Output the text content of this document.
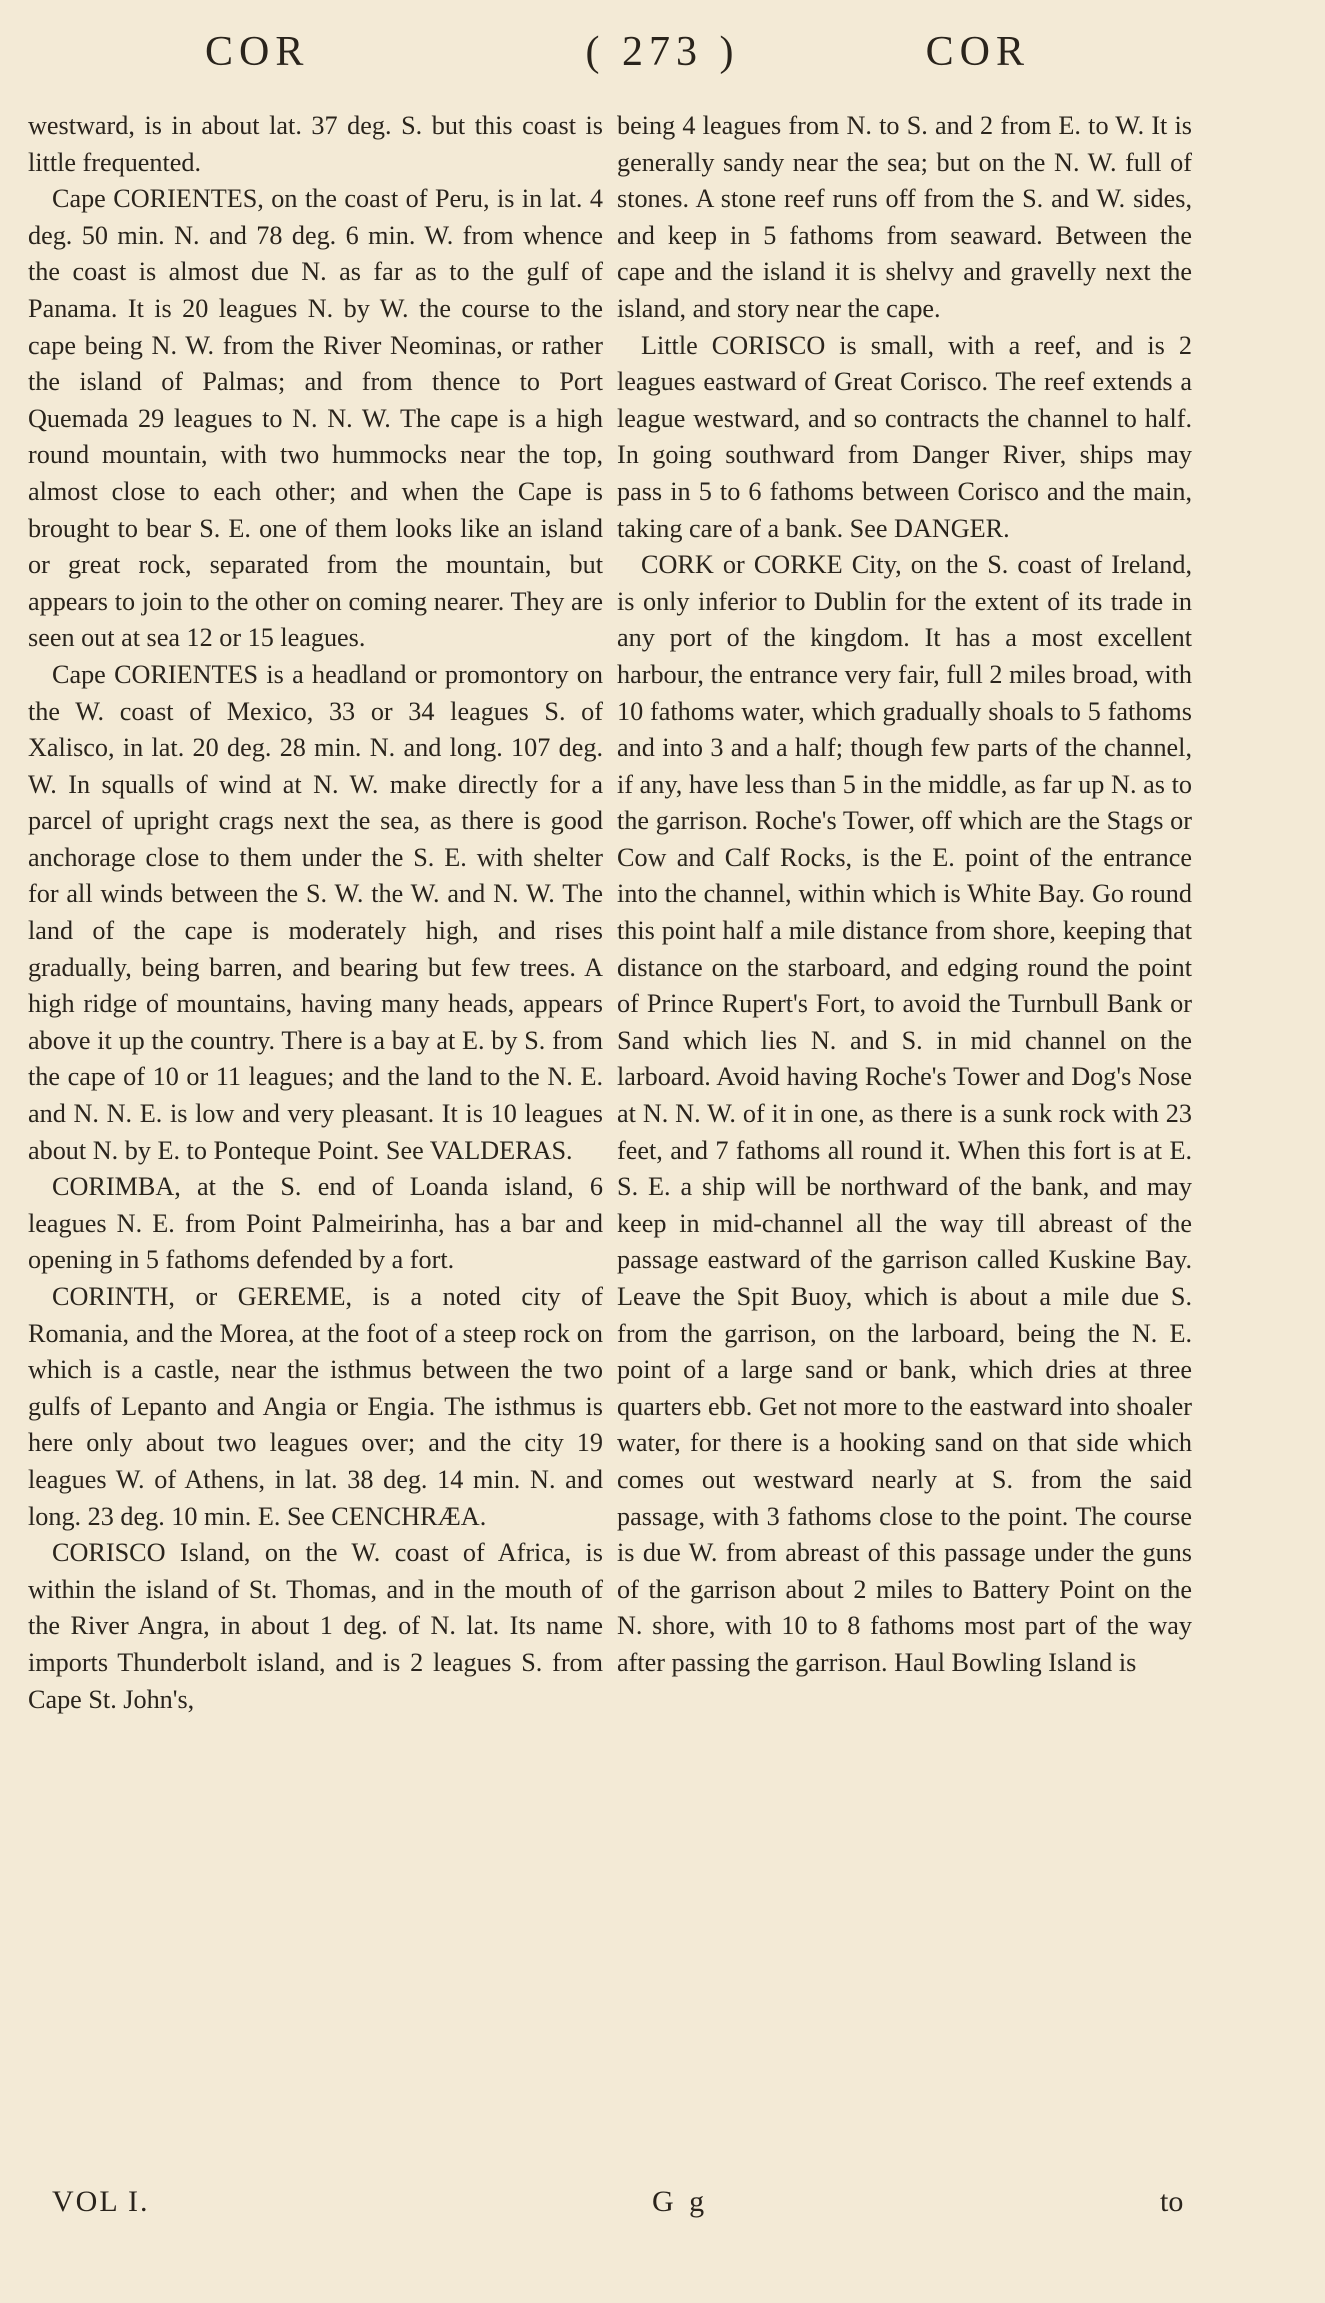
COR	( 273 )	COR

westward, is in about lat. 37 deg. S. but this coast is little frequented.

Cape CORIENTES, on the coast of Peru, is in lat. 4 deg. 50 min. N. and 78 deg. 6 min. W. from whence the coast is almost due N. as far as to the gulf of Panama. It is 20 leagues N. by W. the course to the cape being N. W. from the River Neominas, or rather the island of Palmas; and from thence to Port Quemada 29 leagues to N. N. W. The cape is a high round mountain, with two hummocks near the top, almost close to each other; and when the Cape is brought to bear S. E. one of them looks like an island or great rock, separated from the mountain, but appears to join to the other on coming nearer. They are seen out at sea 12 or 15 leagues.

Cape CORIENTES is a headland or promontory on the W. coast of Mexico, 33 or 34 leagues S. of Xalisco, in lat. 20 deg. 28 min. N. and long. 107 deg. W. In squalls of wind at N. W. make directly for a parcel of upright crags next the sea, as there is good anchorage close to them under the S. E. with shelter for all winds between the S. W. the W. and N. W. The land of the cape is moderately high, and rises gradually, being barren, and bearing but few trees. A high ridge of mountains, having many heads, appears above it up the country. There is a bay at E. by S. from the cape of 10 or 11 leagues; and the land to the N. E. and N. N. E. is low and very pleasant. It is 10 leagues about N. by E. to Ponteque Point. See VALDERAS.

CORIMBA, at the S. end of Loanda island, 6 leagues N. E. from Point Palmeirinha, has a bar and opening in 5 fathoms defended by a fort.

CORINTH, or GEREME, is a noted city of Romania, and the Morea, at the foot of a steep rock on which is a castle, near the isthmus between the two gulfs of Lepanto and Angia or Engia. The isthmus is here only about two leagues over; and the city 19 leagues W. of Athens, in lat. 38 deg. 14 min. N. and long. 23 deg. 10 min. E. See CENCHRÆA.

CORISCO Island, on the W. coast of Africa, is within the island of St. Thomas, and in the mouth of the River Angra, in about 1 deg. of N. lat. Its name imports Thunderbolt island, and is 2 leagues S. from Cape St. John's,

being 4 leagues from N. to S. and 2 from E. to W. It is generally sandy near the sea; but on the N. W. full of stones. A stone reef runs off from the S. and W. sides, and keep in 5 fathoms from seaward. Between the cape and the island it is shelvy and gravelly next the island, and story near the cape.

Little CORISCO is small, with a reef, and is 2 leagues eastward of Great Corisco. The reef extends a league westward, and so contracts the channel to half. In going southward from Danger River, ships may pass in 5 to 6 fathoms between Corisco and the main, taking care of a bank. See DANGER.

CORK or CORKE City, on the S. coast of Ireland, is only inferior to Dublin for the extent of its trade in any port of the kingdom. It has a most excellent harbour, the entrance very fair, full 2 miles broad, with 10 fathoms water, which gradually shoals to 5 fathoms and into 3 and a half; though few parts of the channel, if any, have less than 5 in the middle, as far up N. as to the garrison. Roche's Tower, off which are the Stags or Cow and Calf Rocks, is the E. point of the entrance into the channel, within which is White Bay. Go round this point half a mile distance from shore, keeping that distance on the starboard, and edging round the point of Prince Rupert's Fort, to avoid the Turnbull Bank or Sand which lies N. and S. in mid channel on the larboard. Avoid having Roche's Tower and Dog's Nose at N. N. W. of it in one, as there is a sunk rock with 23 feet, and 7 fathoms all round it. When this fort is at E. S. E. a ship will be northward of the bank, and may keep in mid-channel all the way till abreast of the passage eastward of the garrison called Kuskine Bay. Leave the Spit Buoy, which is about a mile due S. from the garrison, on the larboard, being the N. E. point of a large sand or bank, which dries at three quarters ebb. Get not more to the eastward into shoaler water, for there is a hooking sand on that side which comes out westward nearly at S. from the said passage, with 3 fathoms close to the point. The course is due W. from abreast of this passage under the guns of the garrison about 2 miles to Battery Point on the N. shore, with 10 to 8 fathoms most part of the way after passing the garrison. Haul Bowling Island is

VOL I.	G g	to
